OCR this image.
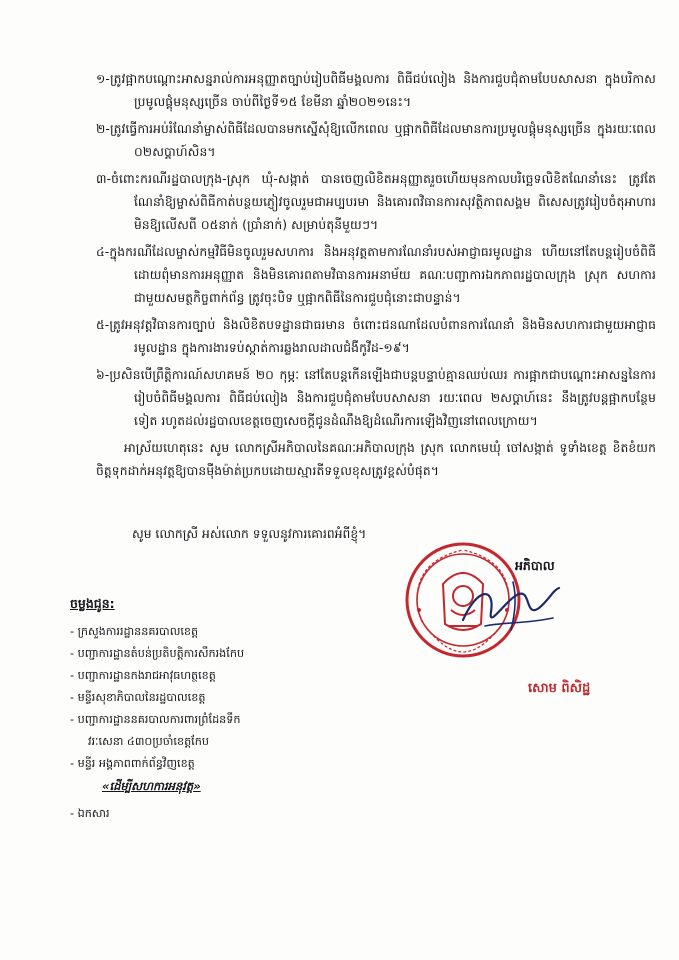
១-ត្រូវផ្អាកបណ្ដោះអាសន្នរាល់ការអនុញ្ញាតច្បាប់រៀបពិធីមង្គលការ ពិធីជប់លៀង និងការជួបជុំតាមបែបសាសនា ក្នុងបរិកាសប្រមូលផ្ដុំមនុស្សច្រើន ចាប់ពីថ្ងៃទី១៥ ខែមីនា ឆ្នាំ២០២១នេះ។

២-ត្រូវធ្វើការអប់រំណែនាំម្ចាស់ពិធីដែលបានមកស្នើសុំឱ្យលើកពេល ឬផ្អាកពិធីដែលមានការប្រមូលផ្ដុំមនុស្សច្រើន ក្នុងរយៈពេល ០២សប្ដាហ៍សិន។

៣-ចំពោះករណីរដ្ឋបាលក្រុង-ស្រុក ឃុំ-សង្កាត់ បានចេញលិខិតអនុញ្ញាតរួចហើយមុនកាលបរិច្ឆេទលិខិតណែនាំនេះ ត្រូវតែណែនាំឱ្យម្ចាស់ពិធីកាត់បន្ថយភ្ញៀវចូលរួមជាអប្បបរមា និងគោរពវិធានការសុវត្ថិភាពសង្គម ពិសេសត្រូវរៀបចំតុអាហារមិនឱ្យលើសពី ០៥នាក់ (ប្រាំនាក់) សម្រាប់តុនីមួយៗ។

៤-ក្នុងករណីដែលម្ចាស់កម្មវិធីមិនចូលរួមសហការ និងអនុវត្តតាមការណែនាំរបស់អាជ្ញាធរមូលដ្ឋាន ហើយនៅតែបន្តរៀបចំពិធីដោយពុំមានការអនុញ្ញាត និងមិនគោរពតាមវិធានការអនាម័យ គណៈបញ្ជាការឯកភាពរដ្ឋបាលក្រុង ស្រុក សហការជាមួយសមត្ថកិច្ចពាក់ព័ន្ធ ត្រូវចុះបិទ ឬផ្អាកពិធីនៃការជួបជុំនោះជាបន្ទាន់។

៥-ត្រូវអនុវត្តវិធានការច្បាប់ និងលិខិតបទដ្ឋានជាធរមាន ចំពោះជនណាដែលបំពានការណែនាំ និងមិនសហការជាមួយអាជ្ញាធរមូលដ្ឋាន ក្នុងការងារទប់ស្កាត់ការឆ្លងរាលដាលជំងឺកូវីដ-១៩។

៦-ប្រសិនបើព្រឹត្តិការណ៍សហគមន៍ ២០ កុម្ភៈ នៅតែបន្តកើនឡើងជាបន្តបន្ទាប់គ្មានឈប់ឈរ ការផ្អាកជាបណ្ដោះអាសន្ននៃការរៀបចំពិធីមង្គលការ ពិធីជប់លៀង និងការជួបជុំតាមបែបសាសនា រយៈពេល ២សប្ដាហ៍នេះ នឹងត្រូវបន្តផ្អាកបន្ថែមទៀត រហូតដល់រដ្ឋបាលខេត្តចេញសេចក្ដីជូនដំណឹងឱ្យដំណើរការឡើងវិញនៅពេលក្រោយ។

អាស្រ័យហេតុនេះ សូម លោកស្រីអភិបាលនៃគណៈអភិបាលក្រុង ស្រុក លោកមេឃុំ ចៅសង្កាត់ ទូទាំងខេត្ត ខិតខំយកចិត្តទុកដាក់អនុវត្តឱ្យបានម៉ឺងម៉ាត់ប្រកបដោយស្មារតីទទួលខុសត្រូវខ្ពស់បំផុត។

សូម លោកស្រី អស់លោក ទទួលនូវការគោរពអំពីខ្ញុំ។
អភិបាល
សោម ពិសិដ្ឋ
ចម្លងជូន:

- ក្រសួងការរដ្ឋាននគរបាលខេត្ត

- បញ្ជាការដ្ឋានតំបន់ប្រតិបត្តិការសឹករងកែប

- បញ្ជាការដ្ឋានកងរាជអាវុធហត្ថខេត្ត

- មន្ទីរសុខាភិបាលនៃរដ្ឋបាលខេត្ត

- បញ្ជាការដ្ឋាននគរបាលការពារព្រំដែនទឹក

វរៈសេនា ៤៣០ប្រចាំខេត្តកែប

- មន្ទីរ អង្គភាពពាក់ព័ន្ធវិញខេត្ត

«ដើម្បីសហការអនុវត្ត»
- ឯកសារ
